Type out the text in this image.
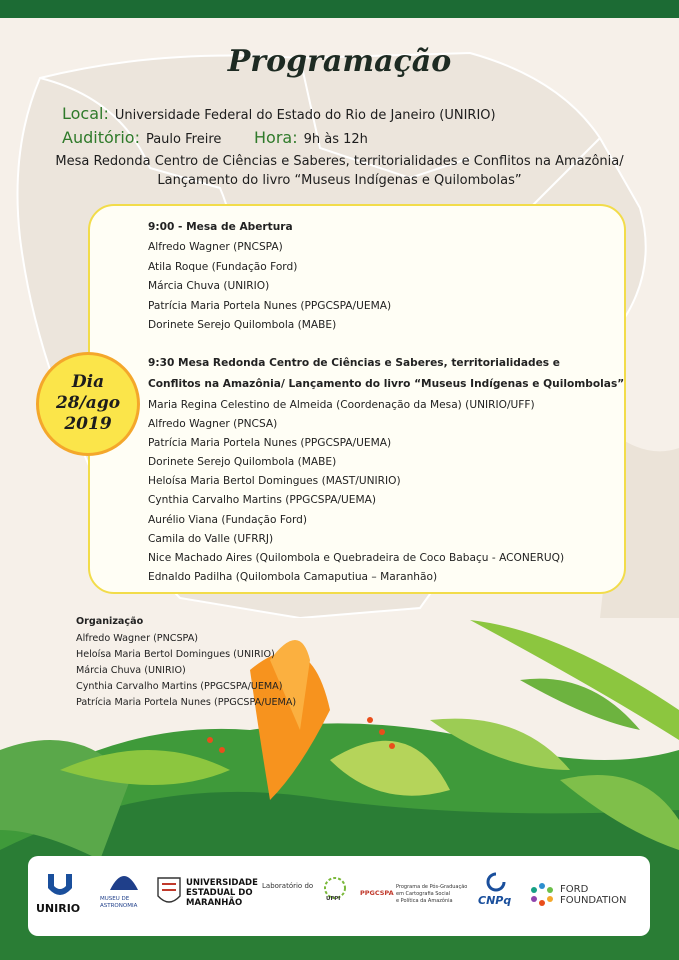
Programação
Local: Universidade Federal do Estado do Rio de Janeiro (UNIRIO)
Auditório: Paulo Freire Hora: 9h às 12h
Mesa Redonda Centro de Ciências e Saberes, territorialidades e Conflitos na Amazônia/
Lançamento do livro “Museus Indígenas e Quilombolas”
9:00 - Mesa de Abertura
Alfredo Wagner (PNCSPA)
Atila Roque (Fundação Ford)
Márcia Chuva (UNIRIO)
Patrícia Maria Portela Nunes (PPGCSPA/UEMA)
Dorinete Serejo Quilombola (MABE)
9:30 Mesa Redonda Centro de Ciências e Saberes, territorialidades e
Conflitos na Amazônia/ Lançamento do livro “Museus Indígenas e Quilombolas”
Maria Regina Celestino de Almeida (Coordenação da Mesa) (UNIRIO/UFF)
Alfredo Wagner (PNCSA)
Patrícia Maria Portela Nunes (PPGCSPA/UEMA)
Dorinete Serejo Quilombola (MABE)
Heloísa Maria Bertol Domingues (MAST/UNIRIO)
Cynthia Carvalho Martins (PPGCSPA/UEMA)
Aurélio Viana (Fundação Ford)
Camila do Valle (UFRRJ)
Nice Machado Aires (Quilombola e Quebradeira de Coco Babaçu - ACONERUQ)
Ednaldo Padilha (Quilombola Camaputiua – Maranhão)
Dia
28/ago
2019
Organização
Alfredo Wagner (PNCSPA)
Heloísa Maria Bertol Domingues (UNIRIO)
Márcia Chuva (UNIRIO)
Cynthia Carvalho Martins (PPGCSPA/UEMA)
Patrícia Maria Portela Nunes (PPGCSPA/UEMA)
UNIRIO
MUSEU DE
ASTRONOMIA
UNIVERSIDADE
ESTADUAL DO
MARANHÃO
Laboratório do
UFPI
PPGCSPA
Programa de Pós-Graduação
em Cartografia Social
e Política da Amazônia CNPq
FORD
FOUNDATION
